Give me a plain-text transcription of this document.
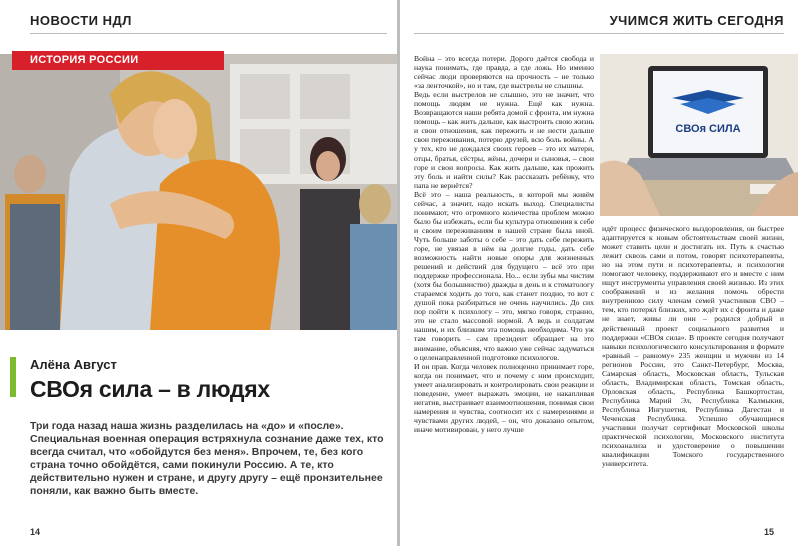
НОВОСТИ НДЛ
ИСТОРИЯ РОССИИ
Алёна Август
СВОя сила – в людях
Три года назад наша жизнь разделилась на «до» и «после». Специальная военная операция встряхнула сознание даже тех, кто всегда считал, что «обойдутся без меня». Впрочем, те, без кого страна точно обойдётся, сами покинули Россию. А те, кто действительно нужен и стране, и другу другу – ещё пронзительнее поняли, как важно быть вместе.
14
УЧИМСЯ ЖИТЬ СЕГОДНЯ

Война – это всегда потери. Дорого даётся свобода и наука понимать, где правда, а где ложь. Но именно сейчас люди проверяются на прочность – не только «за ленточкой», но и там, где выстрелы не слышны.

Ведь если выстрелов не слышно, это не значит, что помощь людям не нужна. Ещё как нужна. Возвращаются наши ребята домой с фронта, им нужна помощь – как жить дальше, как выстроить свою жизнь и свои отношения, как пережить и не нести дальше свои переживания, потерю друзей, всю боль войны. А у тех, кто не дождался своих героев – это их матери, отцы, братья, сёстры, жёны, дочери и сыновья, – свои горе и свои вопросы. Как жить дальше, как прожить эту боль и найти силы? Как рассказать ребёнку, что папа не вернётся?

Всё это – наша реальность, в которой мы живём сейчас, а значит, надо искать выход. Специалисты понимают, что огромного количества проблем можно было бы избежать, если бы культура отношения к себе и своим переживаниям в нашей стране была иной. Чуть больше заботы о себе – это дать себе пережить горе, не увязая в нём на долгие годы, дать себе возможность найти новые опоры для жизненных решений и действий для будущего – всё это при поддержке профессионала. Но... если зубы мы чистим (хотя бы большинство) дважды в день и к стоматологу стараемся ходить до того, как станет поздно, то вот с душой пока разбираться не очень научились. До сих пор пойти к психологу – это, мягко говоря, странно, это не стало массовой нормой. А ведь и солдатам нашим, и их близким эта помощь необходима. Что уж там говорить – сам президент обращает на это внимание, объясняя, что важно уже сейчас задуматься о целенаправленной подготовке психологов.

И он прав. Когда человек полноценно принимает горе, когда он понимает, что и почему с ним происходит, умеет анализировать и контролировать свои реакции и поведение, умеет выражать эмоции, не накапливая негатив, выстраивает взаимоотношения, понимая свои намерения и чувства, соотносит их с намерениями и чувствами других людей, – он, что доказано опытом, иначе мотивирован, у него лучше

СВОя СИЛА

идёт процесс физического выздоровления, он быстрее адаптируется к новым обстоятельствам своей жизни, может ставить цели и достигать их. Путь к счастью лежит сквозь сами и потом, говорят психотерапевты, но на этом пути и психотерапевты, и психология помогают человеку, поддерживают его и вместе с ним ищут инструменты управления своей жизнью. Из этих соображений и из желания помочь обрести внутреннюю силу членам семей участников СВО – тем, кто потерял близких, кто ждёт их с фронта и даже не знает, живы ли они – родился добрый и действенный проект социального развития и поддержки «СВОя сила». В проекте сегодня получают навыки психологического консультирования в формате «равный – равному» 235 женщин и мужчин из 14 регионов России, это Санкт-Петербург, Москва, Самарская область, Московская область, Тульская область, Владимирская область, Томская область, Орловская область, Республика Башкортостан, Республика Марий Эл, Республика Калмыкия, Республика Ингушетия, Республика Дагестан и Чеченская Республика. Успешно обучающиеся участники получат сертификат Московской школы практической психологии, Московского института психоанализа и удостоверение о повышении квалификации Томского государственного университета.

15
